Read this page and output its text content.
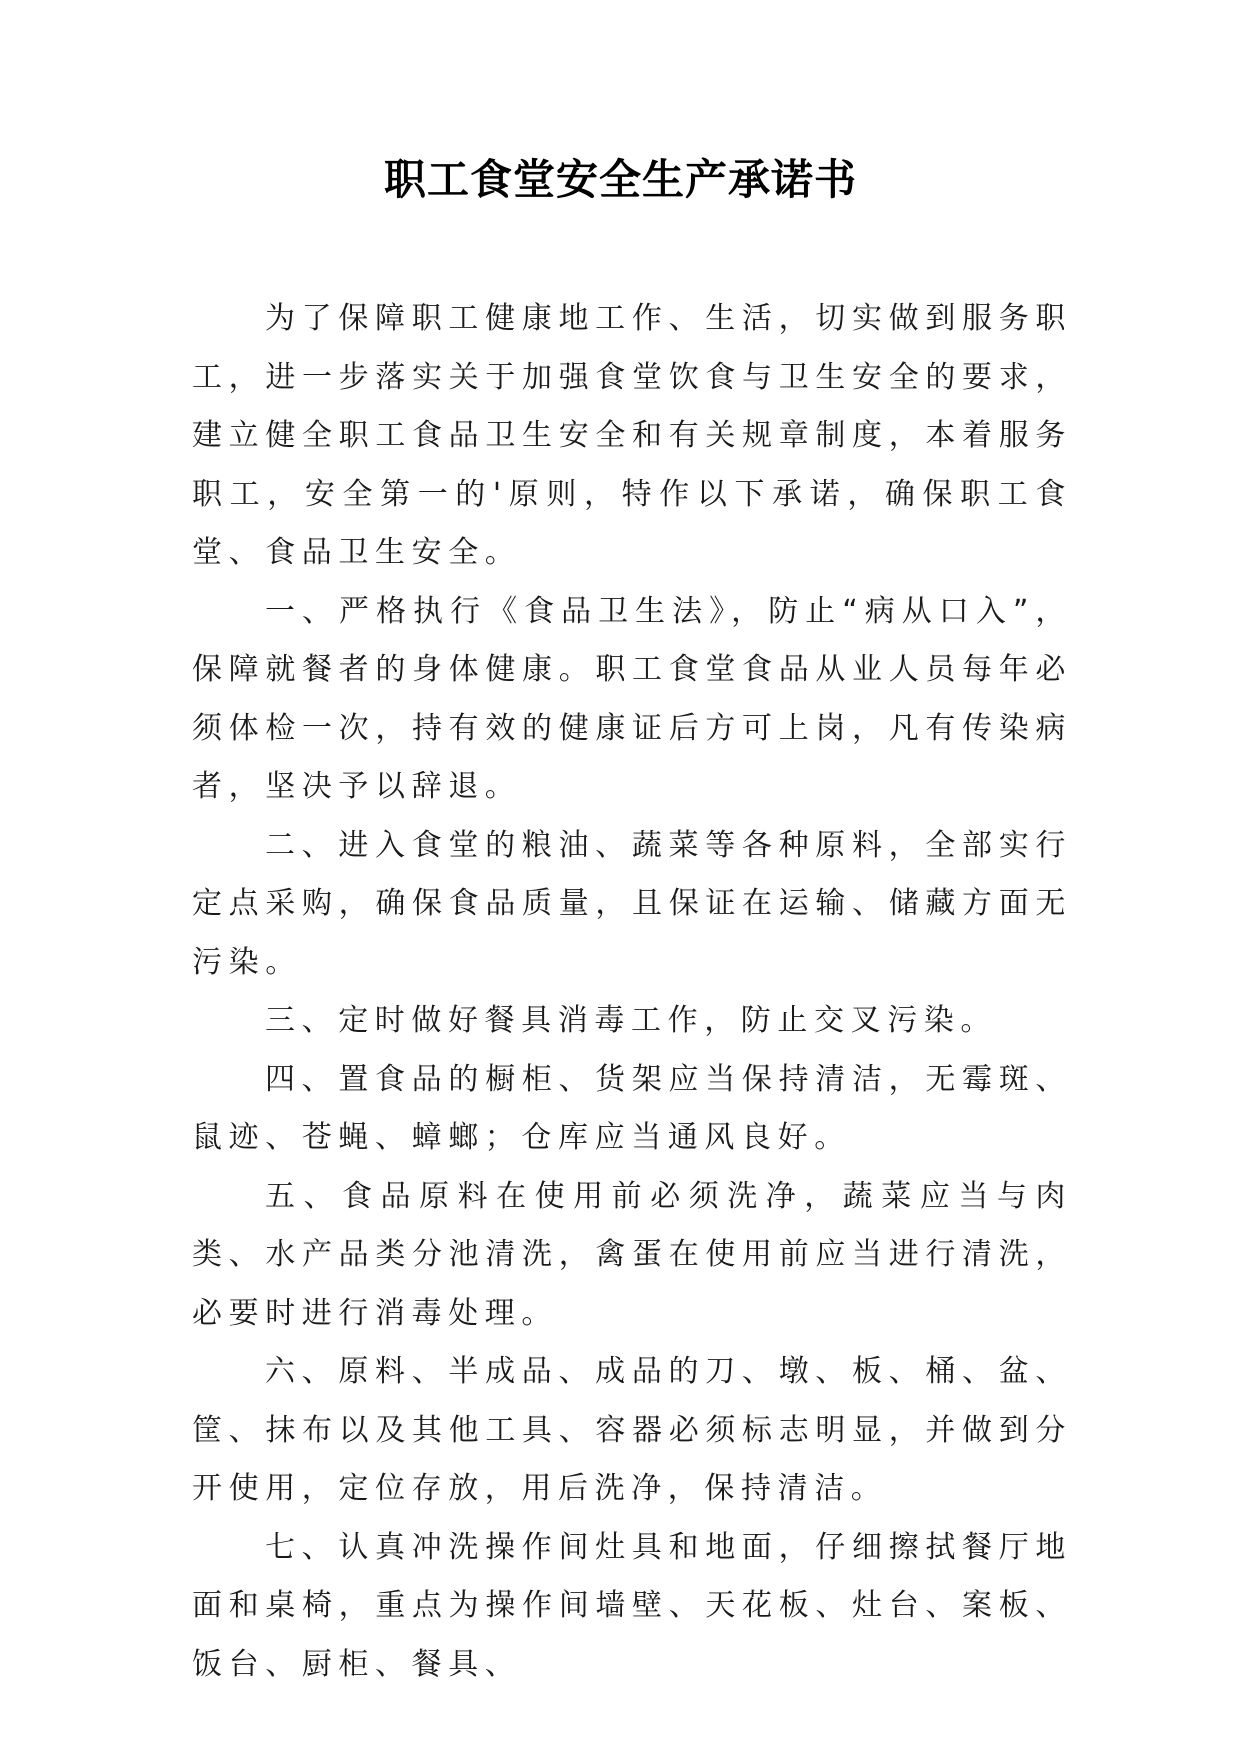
职工食堂安全生产承诺书

为了保障职工健康地工作、生活，切实做到服务职工，进一步落实关于加强食堂饮食与卫生安全的要求，建立健全职工食品卫生安全和有关规章制度，本着服务职工，安全第一的'原则，特作以下承诺，确保职工食堂、食品卫生安全。

一、严格执行《食品卫生法》，防止“病从口入”，保障就餐者的身体健康。职工食堂食品从业人员每年必须体检一次，持有效的健康证后方可上岗，凡有传染病者，坚决予以辞退。

二、进入食堂的粮油、蔬菜等各种原料，全部实行定点采购，确保食品质量，且保证在运输、储藏方面无污染。

三、定时做好餐具消毒工作，防止交叉污染。

四、置食品的橱柜、货架应当保持清洁，无霉斑、鼠迹、苍蝇、蟑螂；仓库应当通风良好。

五、食品原料在使用前必须洗净，蔬菜应当与肉类、水产品类分池清洗，禽蛋在使用前应当进行清洗，必要时进行消毒处理。

六、原料、半成品、成品的刀、墩、板、桶、盆、筐、抹布以及其他工具、容器必须标志明显，并做到分开使用，定位存放，用后洗净，保持清洁。

七、认真冲洗操作间灶具和地面，仔细擦拭餐厅地面和桌椅，重点为操作间墙壁、天花板、灶台、案板、饭台、厨柜、餐具、
